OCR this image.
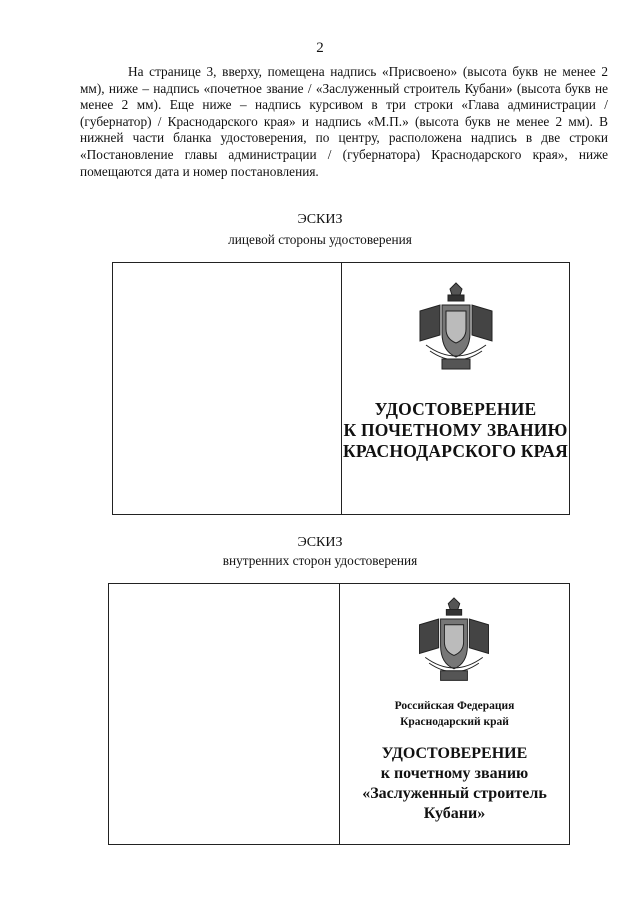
2

На странице 3, вверху, помещена надпись «Присвоено» (высота букв не менее 2 мм), ниже – надпись «почетное звание / «Заслуженный строитель Кубани» (высота букв не менее 2 мм). Еще ниже – надпись курсивом в три строки «Глава администрации / (губернатор) / Краснодарского края» и надпись «М.П.» (высота букв не менее 2 мм). В нижней части бланка удостоверения, по центру, расположена надпись в две строки «Постановление главы администрации / (губернатора) Краснодарского края», ниже помещаются дата и номер постановления.

ЭСКИЗ
лицевой стороны удостоверения
УДОСТОВЕРЕНИЕ
К ПОЧЕТНОМУ ЗВАНИЮ
КРАСНОДАРСКОГО КРАЯ
ЭСКИЗ
внутренних сторон удостоверения
Российская Федерация
Краснодарский край
УДОСТОВЕРЕНИЕ
к почетному званию
«Заслуженный строитель
Кубани»
